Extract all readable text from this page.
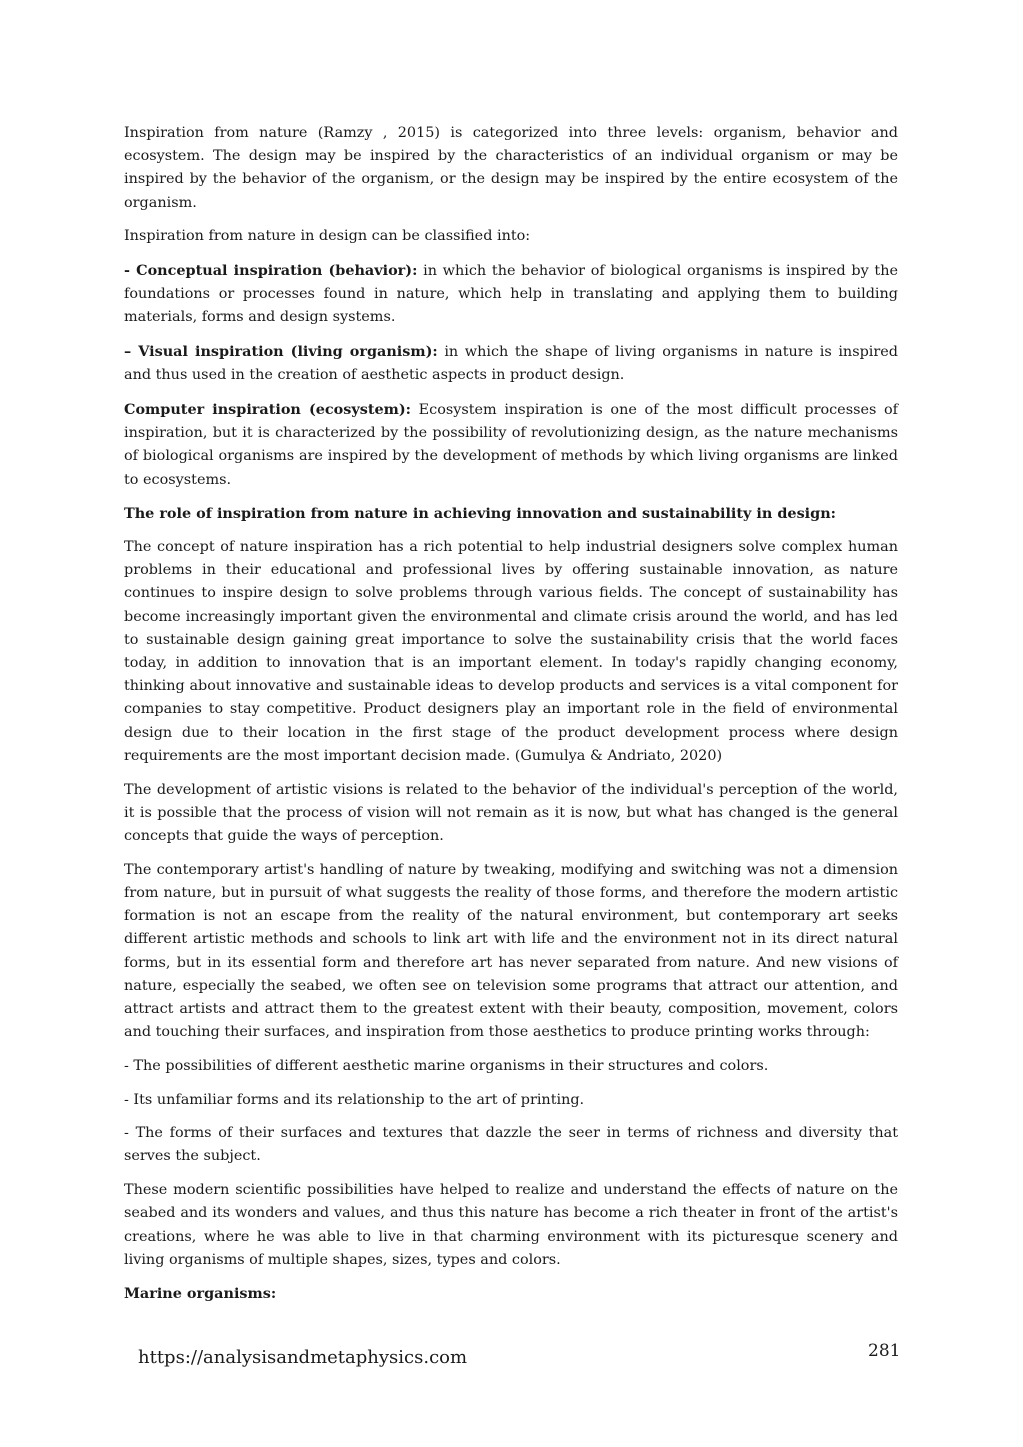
Inspiration from nature (Ramzy , 2015) is categorized into three levels: organism, behavior and ecosystem. The design may be inspired by the characteristics of an individual organism or may be inspired by the behavior of the organism, or the design may be inspired by the entire ecosystem of the organism.

Inspiration from nature in design can be classified into:

- Conceptual inspiration (behavior): in which the behavior of biological organisms is inspired by the foundations or processes found in nature, which help in translating and applying them to building materials, forms and design systems.

– Visual inspiration (living organism): in which the shape of living organisms in nature is inspired and thus used in the creation of aesthetic aspects in product design.

Computer inspiration (ecosystem): Ecosystem inspiration is one of the most difficult processes of inspiration, but it is characterized by the possibility of revolutionizing design, as the nature mechanisms of biological organisms are inspired by the development of methods by which living organisms are linked to ecosystems.

The role of inspiration from nature in achieving innovation and sustainability in design:

The concept of nature inspiration has a rich potential to help industrial designers solve complex human problems in their educational and professional lives by offering sustainable innovation, as nature continues to inspire design to solve problems through various fields. The concept of sustainability has become increasingly important given the environmental and climate crisis around the world, and has led to sustainable design gaining great importance to solve the sustainability crisis that the world faces today, in addition to innovation that is an important element. In today's rapidly changing economy, thinking about innovative and sustainable ideas to develop products and services is a vital component for companies to stay competitive. Product designers play an important role in the field of environmental design due to their location in the first stage of the product development process where design requirements are the most important decision made. (Gumulya & Andriato, 2020)

The development of artistic visions is related to the behavior of the individual's perception of the world, it is possible that the process of vision will not remain as it is now, but what has changed is the general concepts that guide the ways of perception.

The contemporary artist's handling of nature by tweaking, modifying and switching was not a dimension from nature, but in pursuit of what suggests the reality of those forms, and therefore the modern artistic formation is not an escape from the reality of the natural environment, but contemporary art seeks different artistic methods and schools to link art with life and the environment not in its direct natural forms, but in its essential form and therefore art has never separated from nature. And new visions of nature, especially the seabed, we often see on television some programs that attract our attention, and attract artists and attract them to the greatest extent with their beauty, composition, movement, colors and touching their surfaces, and inspiration from those aesthetics to produce printing works through:

- The possibilities of different aesthetic marine organisms in their structures and colors.

- Its unfamiliar forms and its relationship to the art of printing.

- The forms of their surfaces and textures that dazzle the seer in terms of richness and diversity that serves the subject.

These modern scientific possibilities have helped to realize and understand the effects of nature on the seabed and its wonders and values, and thus this nature has become a rich theater in front of the artist's creations, where he was able to live in that charming environment with its picturesque scenery and living organisms of multiple shapes, sizes, types and colors.

Marine organisms:

https://analysisandmetaphysics.com	281
